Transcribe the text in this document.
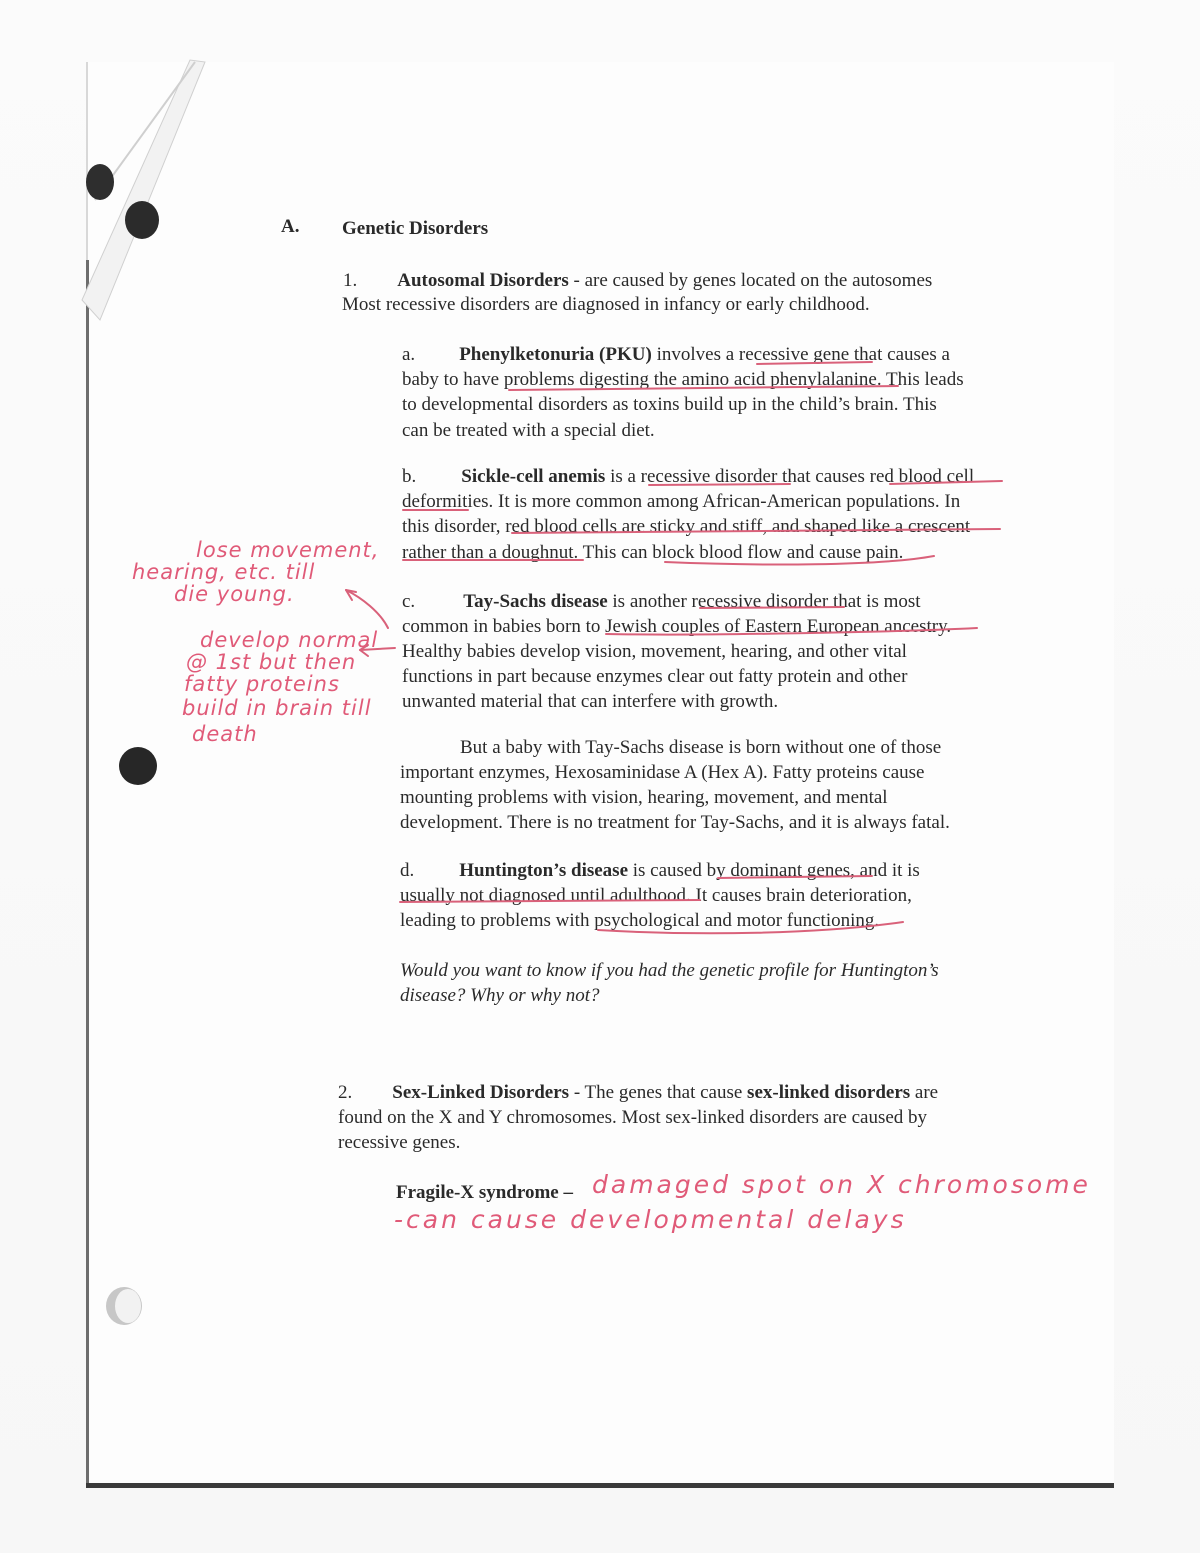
A. Genetic Disorders
1. Autosomal Disorders - are caused by genes located on the autosomes
Most recessive disorders are diagnosed in infancy or early childhood.
a. Phenylketonuria (PKU) involves a recessive gene that causes a
baby to have problems digesting the amino acid phenylalanine. This leads
to developmental disorders as toxins build up in the child’s brain. This
can be treated with a special diet.
b. Sickle-cell anemis is a recessive disorder that causes red blood cell
deformities. It is more common among African-American populations. In
this disorder, red blood cells are sticky and stiff, and shaped like a crescent
rather than a doughnut. This can block blood flow and cause pain.
c.	Tay-Sachs disease is another recessive disorder that is most
common in babies born to Jewish couples of Eastern European ancestry.
Healthy babies develop vision, movement, hearing, and other vital
functions in part because enzymes clear out fatty protein and other
unwanted material that can interfere with growth.
But a baby with Tay-Sachs disease is born without one of those
important enzymes, Hexosaminidase A (Hex A). Fatty proteins cause
mounting problems with vision, hearing, movement, and mental
development. There is no treatment for Tay-Sachs, and it is always fatal.
d. Huntington’s disease is caused by dominant genes, and it is
usually not diagnosed until adulthood. It causes brain deterioration,
leading to problems with psychological and motor functioning.
Would you want to know if you had the genetic profile for Huntington’s
disease? Why or why not?
2. Sex-Linked Disorders - The genes that cause sex-linked disorders are
found on the X and Y chromosomes. Most sex-linked disorders are caused by
recessive genes.
Fragile-X syndrome –
lose movement,
hearing, etc. till
die young.
develop normal
@ 1st but then
fatty proteins
build in brain till
death
damaged spot on X chromosome
-can cause developmental delays
